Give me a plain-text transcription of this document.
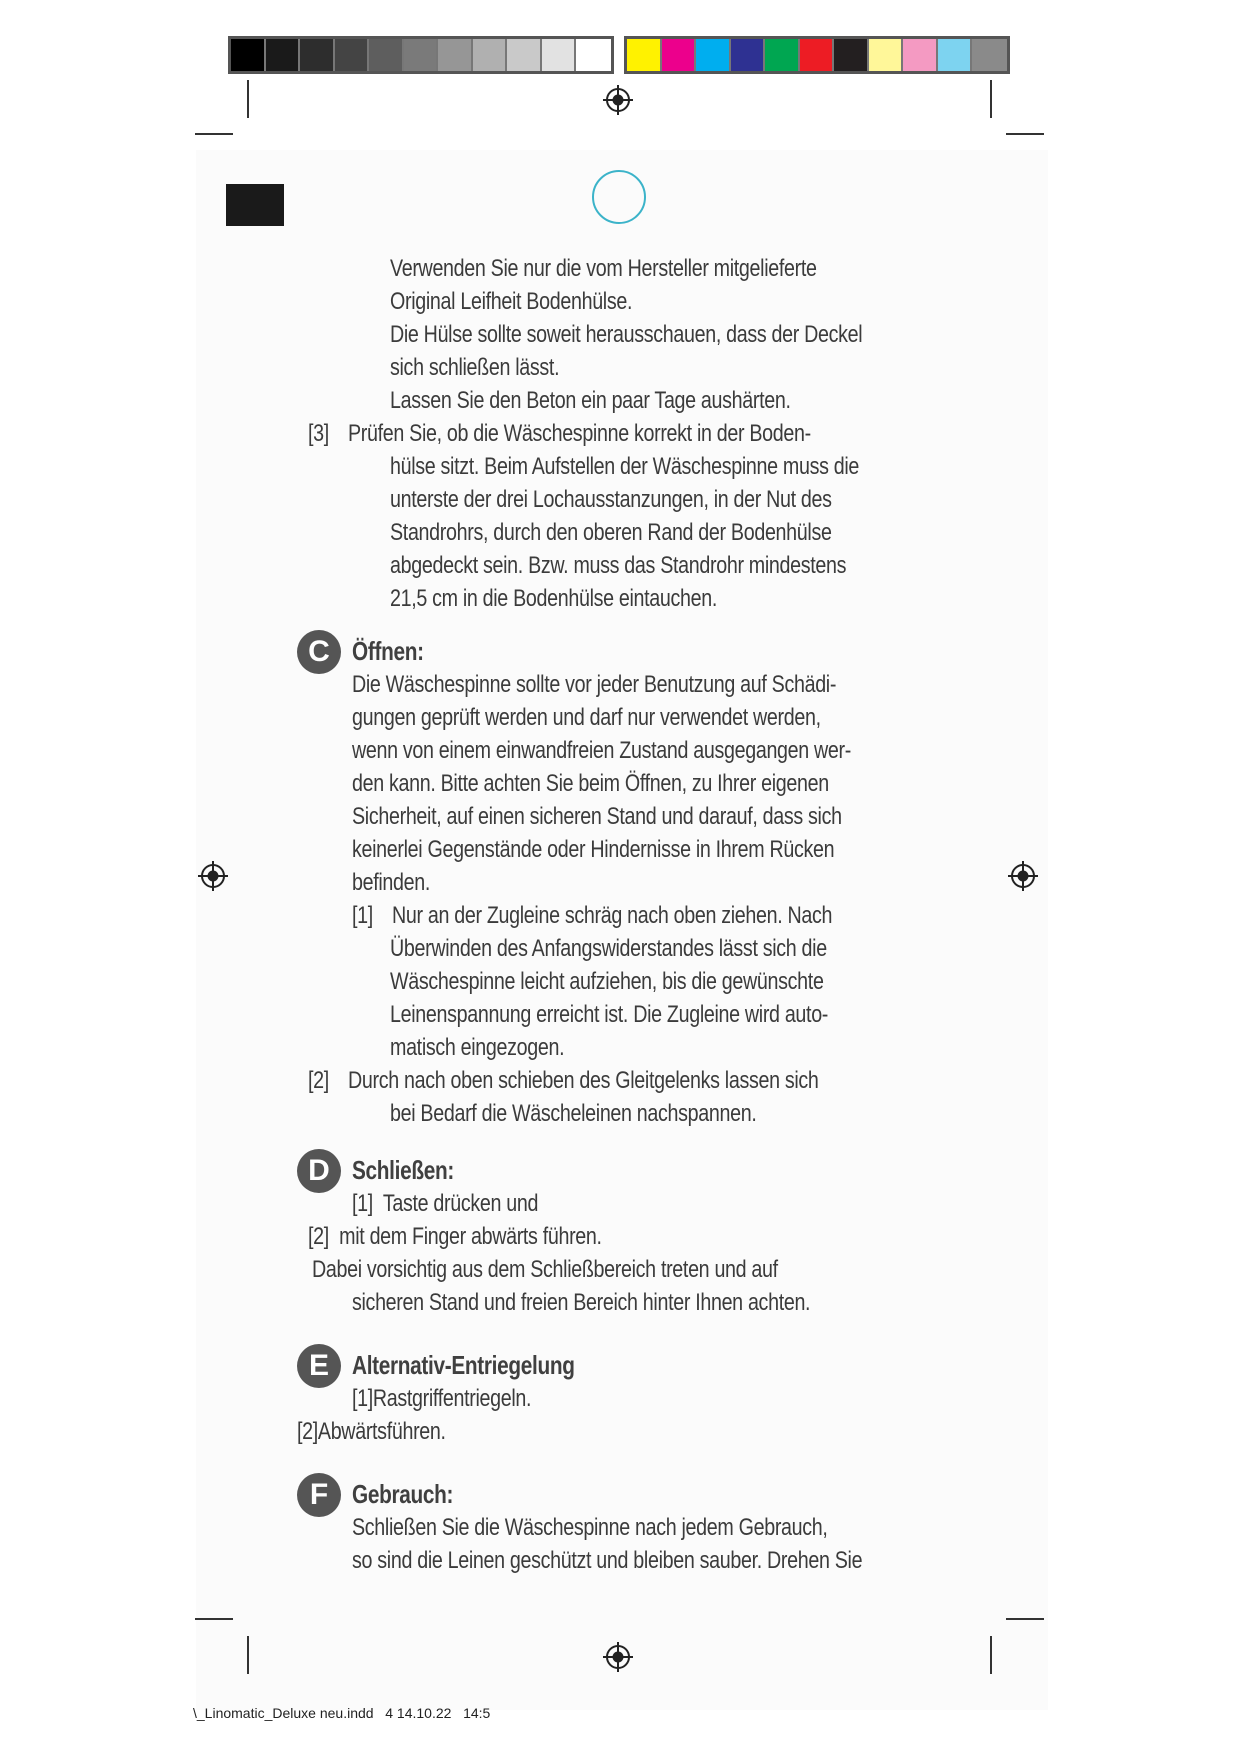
Verwenden Sie nur die vom Hersteller mitgelieferte
Original Leifheit Bodenhülse.
Die Hülse sollte soweit herausschauen, dass der Deckel
sich schließen lässt.
Lassen Sie den Beton ein paar Tage aushärten.
[3] Prüfen Sie, ob die Wäschespinne korrekt in der Boden-
hülse sitzt. Beim Aufstellen der Wäschespinne muss die
unterste der drei Lochausstanzungen, in der Nut des
Standrohrs, durch den oberen Rand der Bodenhülse
abgedeckt sein. Bzw. muss das Standrohr mindestens
21,5 cm in die Bodenhülse eintauchen.
C Öffnen:
Die Wäschespinne sollte vor jeder Benutzung auf Schädi-
gungen geprüft werden und darf nur verwendet werden,
wenn von einem einwandfreien Zustand ausgegangen wer-
den kann. Bitte achten Sie beim Öffnen, zu Ihrer eigenen
Sicherheit, auf einen sicheren Stand und darauf, dass sich
keinerlei Gegenstände oder Hindernisse in Ihrem Rücken
befinden.
[1] Nur an der Zugleine schräg nach oben ziehen. Nach
Überwinden des Anfangswiderstandes lässt sich die
Wäschespinne leicht aufziehen, bis die gewünschte
Leinenspannung erreicht ist. Die Zugleine wird auto-
matisch eingezogen.
[2] Durch nach oben schieben des Gleitgelenks lassen sich
bei Bedarf die Wäscheleinen nachspannen.
D Schließen:
[1]  Taste drücken und
[2]  mit dem Finger abwärts führen.
Dabei vorsichtig aus dem Schließbereich treten und auf
sicheren Stand und freien Bereich hinter Ihnen achten.
E Alternativ-Entriegelung
[1]Rastgriffentriegeln.
[2]Abwärtsführen.
F Gebrauch:
Schließen Sie die Wäschespinne nach jedem Gebrauch,
so sind die Leinen geschützt und bleiben sauber. Drehen Sie
\_Linomatic_Deluxe neu.indd   4 14.10.22   14:5
